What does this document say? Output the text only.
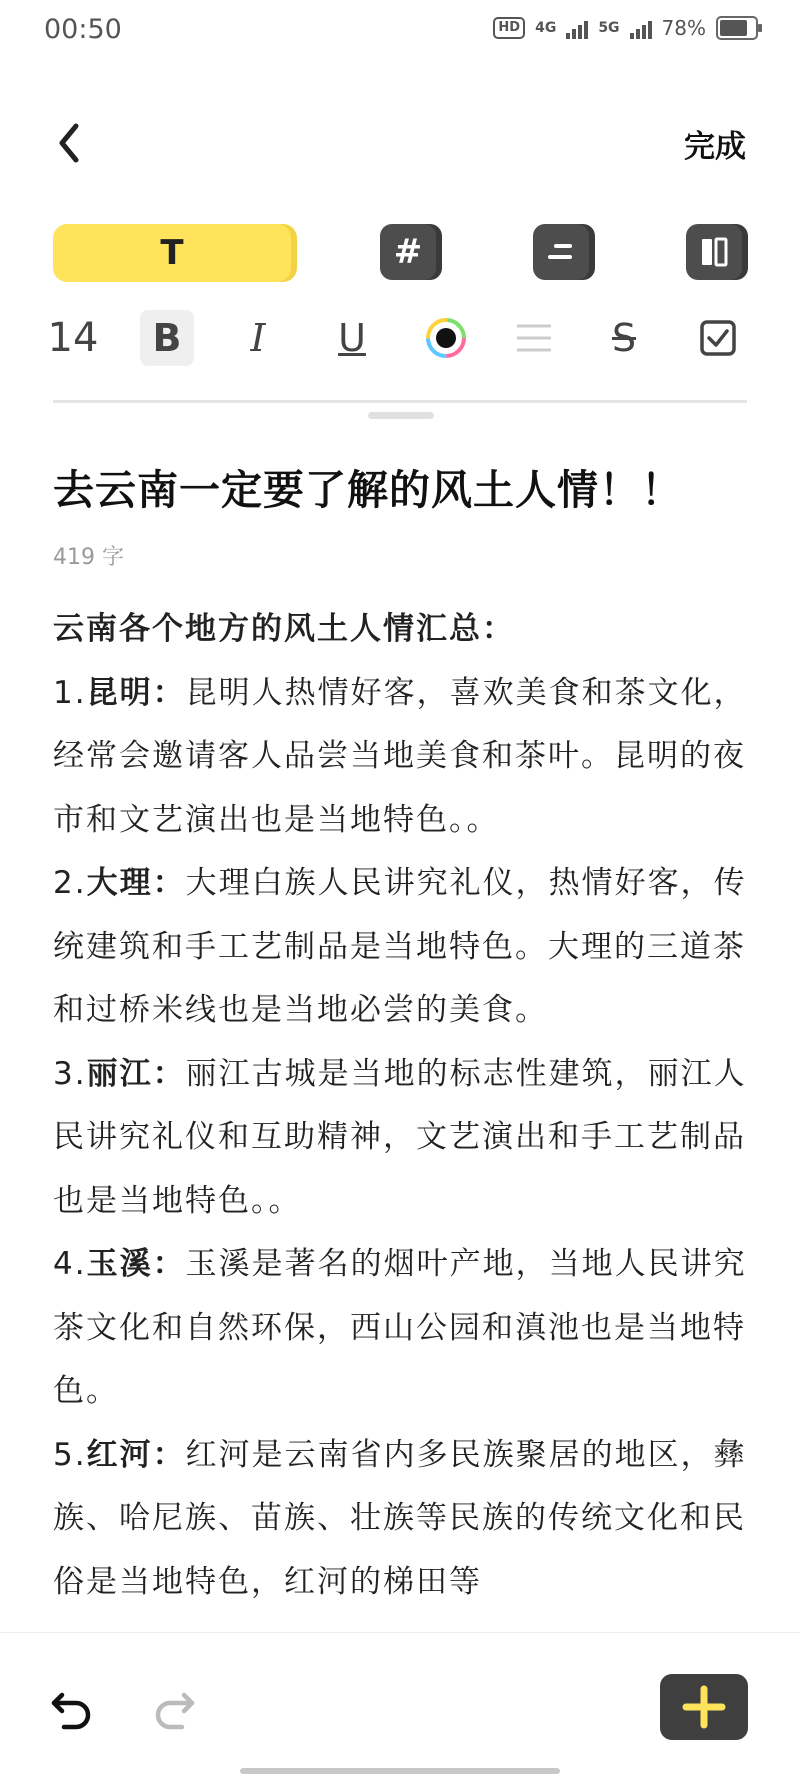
00:50	HD	4G	5G 78%
完成
T	#
14	B	I	U	S
去云南一定要了解的风土人情！！
419 字

云南各个地方的风土人情汇总：

1.昆明：昆明人热情好客，喜欢美食和茶文化，经常会邀请客人品尝当地美食和茶叶。昆明的夜市和文艺演出也是当地特色。。

2.大理：大理白族人民讲究礼仪，热情好客，传统建筑和手工艺制品是当地特色。大理的三道茶和过桥米线也是当地必尝的美食。

3.丽江：丽江古城是当地的标志性建筑，丽江人民讲究礼仪和互助精神，文艺演出和手工艺制品也是当地特色。。

4.玉溪：玉溪是著名的烟叶产地，当地人民讲究茶文化和自然环保，西山公园和滇池也是当地特色。

5.红河：红河是云南省内多民族聚居的地区，彝族、哈尼族、苗族、壮族等民族的传统文化和民俗是当地特色，红河的梯田等
